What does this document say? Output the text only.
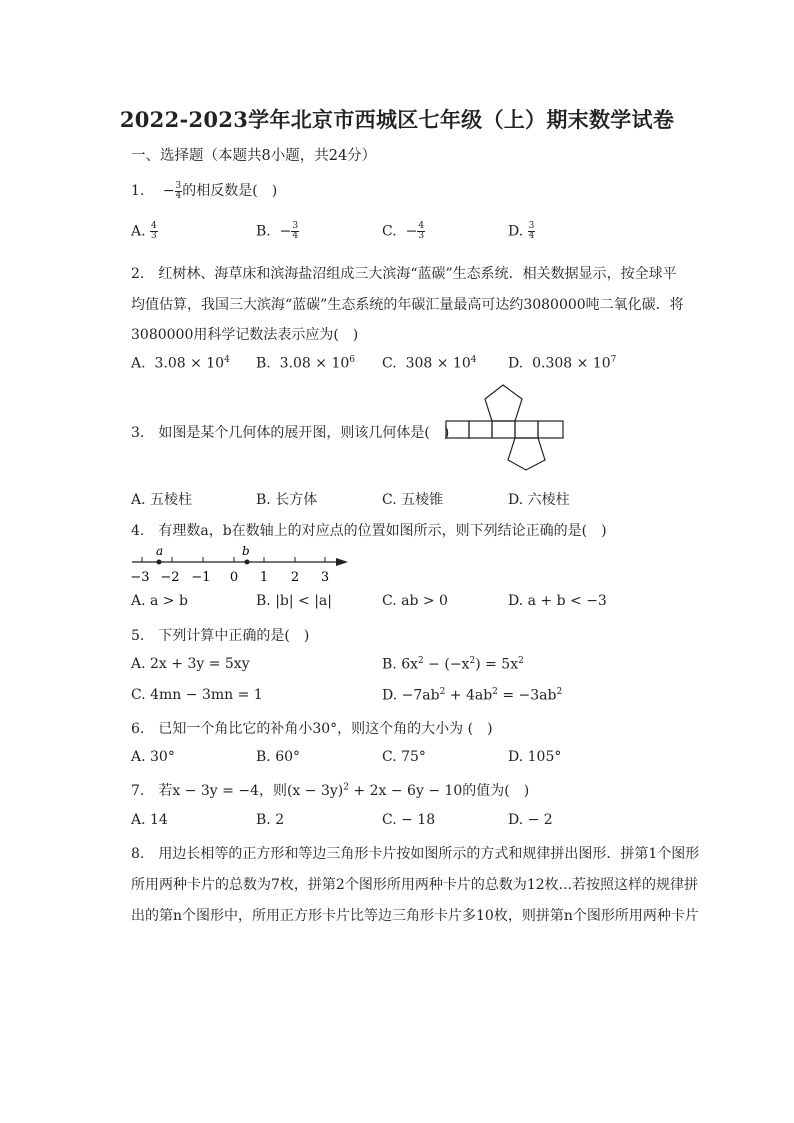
2022-2023学年北京市西城区七年级（上）期末数学试卷
一、选择题（本题共8小题，共24分）
1. − $\frac{3}{4}$ 的相反数是(　)
A. $\frac{4}{3}$	B. − $\frac{3}{4}$	C. − $\frac{4}{3}$	D. $\frac{3}{4}$
2.　红树林、海草床和滨海盐沼组成三大滨海“蓝碳”生态系统．相关数据显示，按全球平
均值估算，我国三大滨海“蓝碳”生态系统的年碳汇量最高可达约3080000吨二氧化碳．将
3080000用科学记数法表示应为(　)
A. $3.08 \times 10^4$ B. $3.08 \times 10^6$ C. $308 \times 10^4$ D. $0.308 \times 10^7$
3.　如图是某个几何体的展开图，则该几何体是(　)
A. 五棱柱	B. 长方体	C. 五棱锥	D. 六棱柱
4.　有理数a，b在数轴上的对应点的位置如图所示，则下列结论正确的是(　)
a	b
−3 −2 −1 0 1 2 3
A. a > b	B. |b| < |a|	C. ab > 0	D. a + b < −3
5.　下列计算中正确的是(　)
A. 2x + 3y = 5xy	B. $6x^2 - (-x^2) = 5x^2$
C. 4mn − 3mn = 1	D. $-7ab^2 + 4ab^2 = -3ab^2$
6.　已知一个角比它的补角小30°，则这个角的大小为 (　)
A. 30°	B. 60°	C. 75°	D. 105°
7.　若x − 3y = −4，则$(x - 3y)^2 + 2x - 6y - 10$的值为(　)
A. 14	B. 2	C. − 18	D. − 2
8.　用边长相等的正方形和等边三角形卡片按如图所示的方式和规律拼出图形．拼第1个图形
所用两种卡片的总数为7枚，拼第2个图形所用两种卡片的总数为12枚...若按照这样的规律拼
出的第n个图形中，所用正方形卡片比等边三角形卡片多10枚，则拼第n个图形所用两种卡片
